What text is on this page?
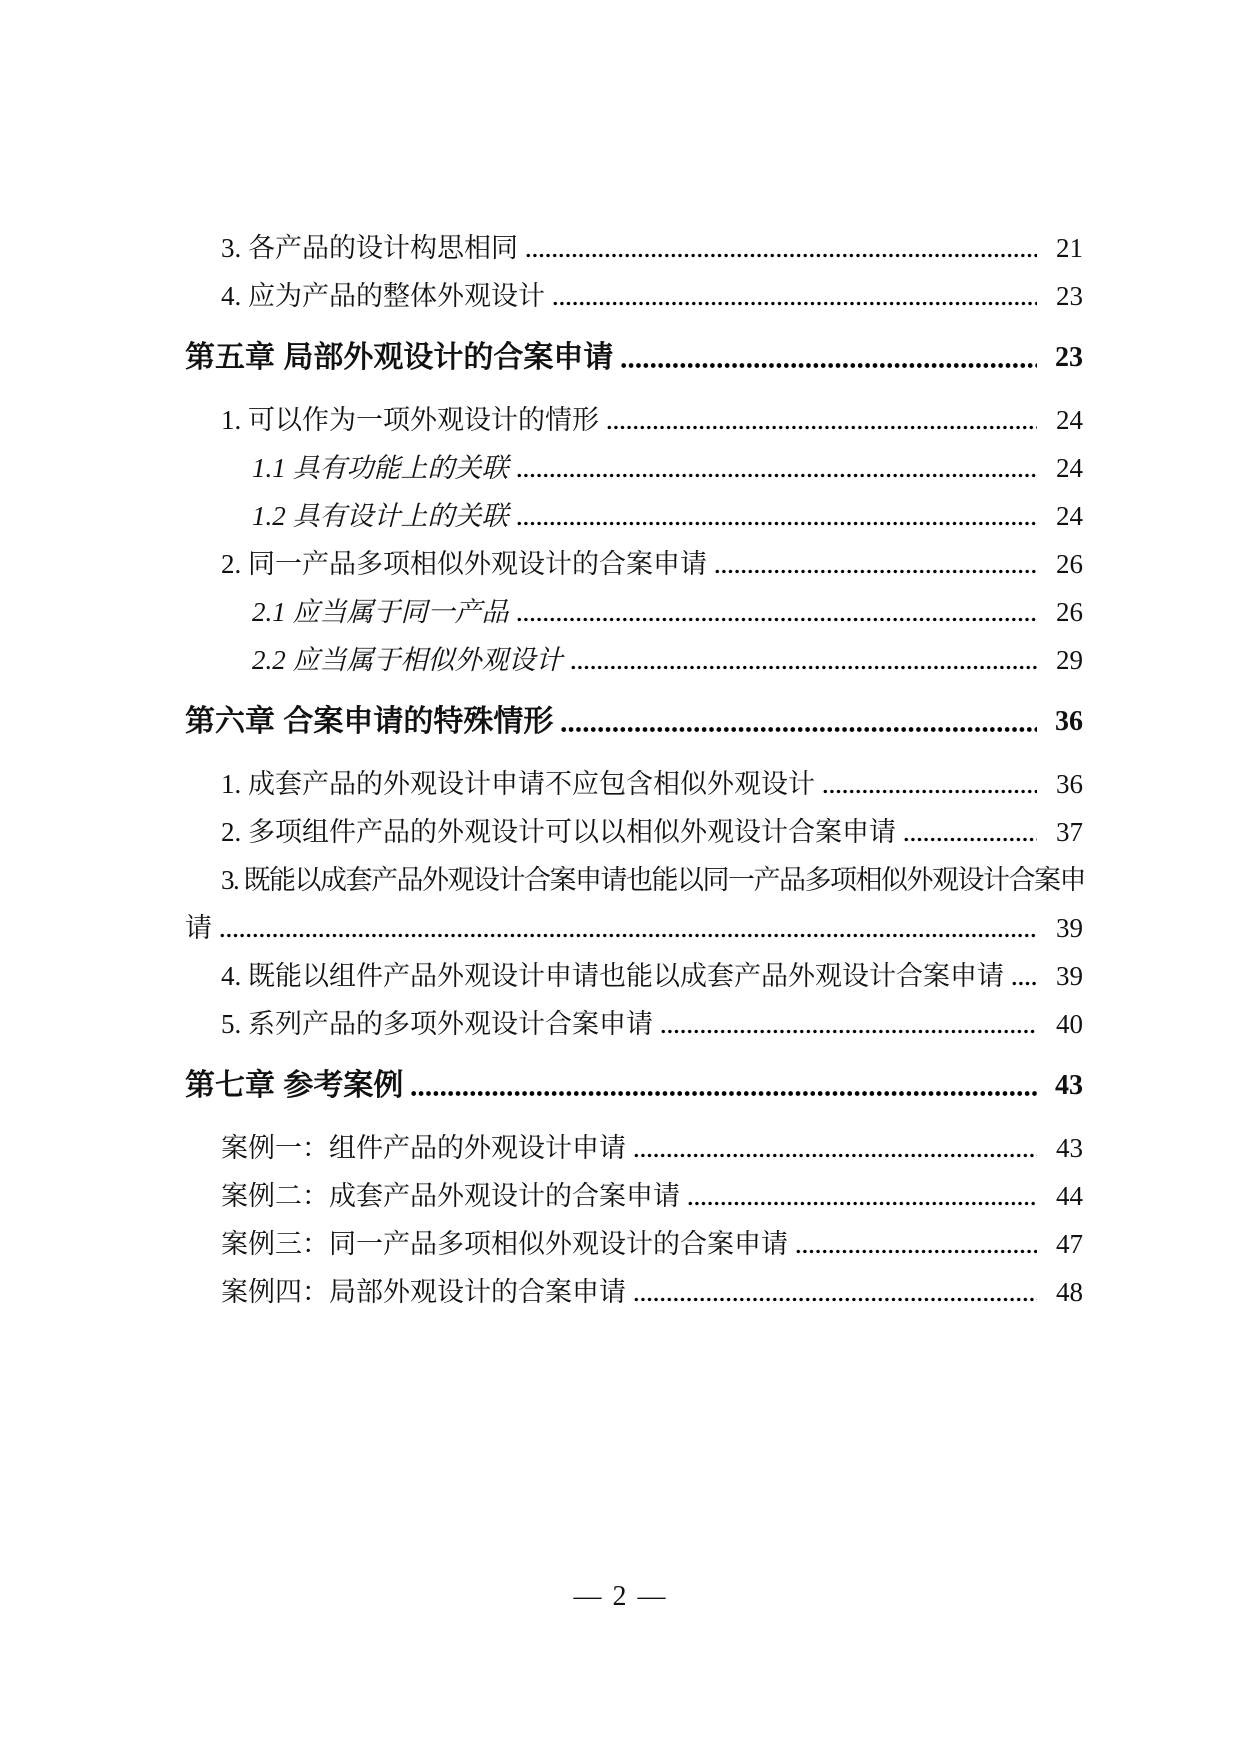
3. 各产品的设计构思相同	21
4. 应为产品的整体外观设计	23
第五章 局部外观设计的合案申请	23
1. 可以作为一项外观设计的情形	24
1.1 具有功能上的关联	24
1.2 具有设计上的关联	24
2. 同一产品多项相似外观设计的合案申请	26
2.1 应当属于同一产品	26
2.2 应当属于相似外观设计	29
第六章 合案申请的特殊情形	36
1. 成套产品的外观设计申请不应包含相似外观设计	36
2. 多项组件产品的外观设计可以以相似外观设计合案申请	37
3. 既能以成套产品外观设计合案申请也能以同一产品多项相似外观设计合案申
请	39
4. 既能以组件产品外观设计申请也能以成套产品外观设计合案申请	39
5. 系列产品的多项外观设计合案申请	40
第七章 参考案例	43
案例一：组件产品的外观设计申请	43
案例二：成套产品外观设计的合案申请	44
案例三：同一产品多项相似外观设计的合案申请	47
案例四：局部外观设计的合案申请	48
— 2 —
